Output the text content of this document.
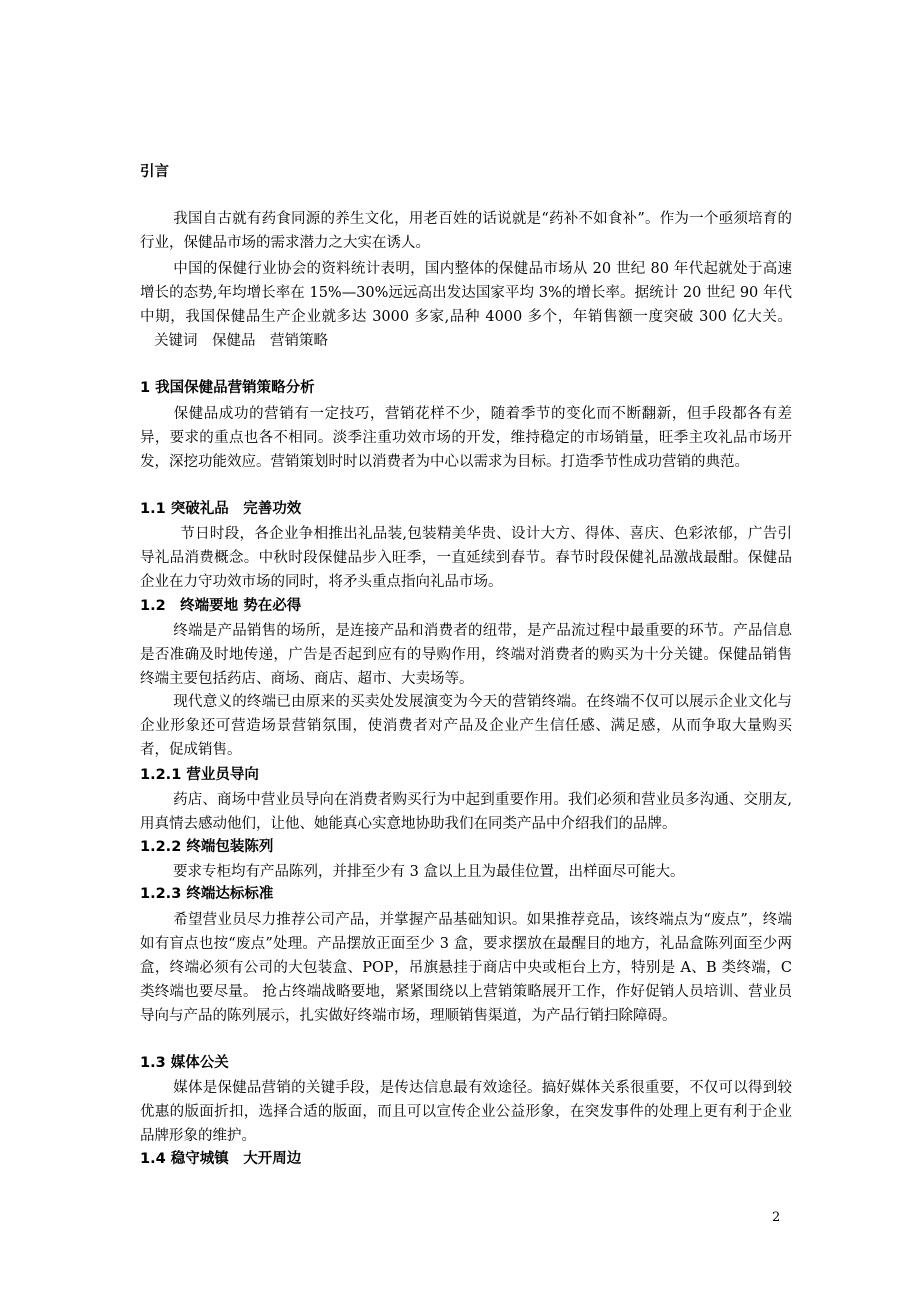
引言

我国自古就有药食同源的养生文化，用老百姓的话说就是“药补不如食补”。作为一个亟须培育的行业，保健品市场的需求潜力之大实在诱人。

中国的保健行业协会的资料统计表明，国内整体的保健品市场从 20 世纪 80 年代起就处于高速增长的态势,年均增长率在 15%—30%远远高出发达国家平均 3%的增长率。据统计 20 世纪 90 年代中期，我国保健品生产企业就多达 3000 多家,品种 4000 多个，年销售额一度突破 300 亿大关。关键词　保健品　营销策略

1 我国保健品营销策略分析

保健品成功的营销有一定技巧，营销花样不少，随着季节的变化而不断翻新，但手段都各有差异，要求的重点也各不相同。淡季注重功效市场的开发，维持稳定的市场销量，旺季主攻礼品市场开发，深挖功能效应。营销策划时时以消费者为中心以需求为目标。打造季节性成功营销的典范。

1.1 突破礼品　完善功效

节日时段，各企业争相推出礼品装,包装精美华贵、设计大方、得体、喜庆、色彩浓郁，广告引导礼品消费概念。中秋时段保健品步入旺季，一直延续到春节。春节时段保健礼品激战最酣。保健品企业在力守功效市场的同时，将矛头重点指向礼品市场。

1.2　终端要地 势在必得

终端是产品销售的场所，是连接产品和消费者的纽带，是产品流过程中最重要的环节。产品信息是否准确及时地传递，广告是否起到应有的导购作用，终端对消费者的购买为十分关键。保健品销售终端主要包括药店、商场、商店、超市、大卖场等。

现代意义的终端已由原来的买卖处发展演变为今天的营销终端。在终端不仅可以展示企业文化与企业形象还可营造场景营销氛围，使消费者对产品及企业产生信任感、满足感，从而争取大量购买者，促成销售。

1.2.1 营业员导向

药店、商场中营业员导向在消费者购买行为中起到重要作用。我们必须和营业员多沟通、交朋友,用真情去感动他们，让他、她能真心实意地协助我们在同类产品中介绍我们的品牌。

1.2.2 终端包装陈列

要求专柜均有产品陈列，并排至少有 3 盒以上且为最佳位置，出样面尽可能大。

1.2.3 终端达标标准

希望营业员尽力推荐公司产品，并掌握产品基础知识。如果推荐竞品，该终端点为“废点”，终端如有盲点也按“废点”处理。产品摆放正面至少 3 盒，要求摆放在最醒目的地方，礼品盒陈列面至少两盒，终端必须有公司的大包装盒、POP，吊旗悬挂于商店中央或柜台上方，特别是 A、B 类终端，C 类终端也要尽量。 抢占终端战略要地，紧紧围绕以上营销策略展开工作，作好促销人员培训、营业员导向与产品的陈列展示，扎实做好终端市场，理顺销售渠道，为产品行销扫除障碍。

1.3 媒体公关

媒体是保健品营销的关键手段，是传达信息最有效途径。搞好媒体关系很重要，不仅可以得到较优惠的版面折扣，选择合适的版面，而且可以宣传企业公益形象，在突发事件的处理上更有利于企业品牌形象的维护。

1.4 稳守城镇　大开周边
2
